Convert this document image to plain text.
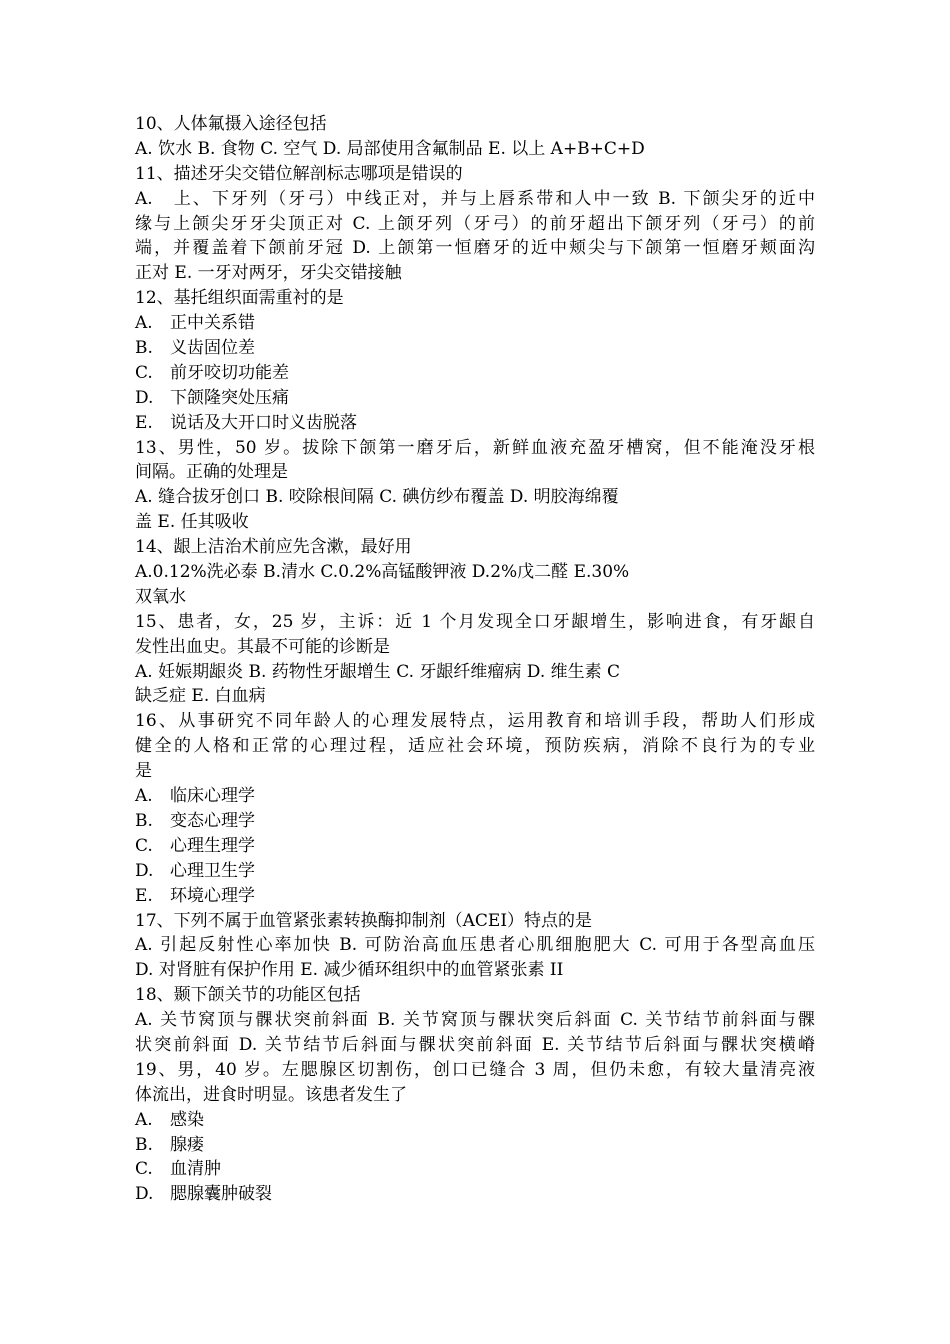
10、人体氟摄入途径包括
A. 饮水 B. 食物 C. 空气 D. 局部使用含氟制品 E. 以上 A+B+C+D
11、描述牙尖交错位解剖标志哪项是错误的
A.　上、下牙列（牙弓）中线正对，并与上唇系带和人中一致 B. 下颌尖牙的近中
缘与上颌尖牙牙尖顶正对 C. 上颌牙列（牙弓）的前牙超出下颌牙列（牙弓）的前
端，并覆盖着下颌前牙冠 D. 上颌第一恒磨牙的近中颊尖与下颌第一恒磨牙颊面沟
正对 E. 一牙对两牙，牙尖交错接触
12、基托组织面需重衬的是
A.	正中关系错
B.	义齿固位差
C.	前牙咬切功能差
D. 下颌隆突处压痛
E.	说话及大开口时义齿脱落
13、男性，50 岁。拔除下颌第一磨牙后，新鲜血液充盈牙槽窝，但不能淹没牙根
间隔。正确的处理是
A. 缝合拔牙创口 B. 咬除根间隔 C. 碘仿纱布覆盖 D. 明胶海绵覆
盖 E. 任其吸收
14、龈上洁治术前应先含漱，最好用
A.0.12%洗必泰 B.清水 C.0.2%高锰酸钾液 D.2%戊二醛 E.30%
双氧水
15、患者，女，25 岁，主诉：近 1 个月发现全口牙龈增生，影响进食，有牙龈自
发性出血史。其最不可能的诊断是
A. 妊娠期龈炎 B. 药物性牙龈增生 C. 牙龈纤维瘤病 D. 维生素 C
缺乏症 E. 白血病
16、从事研究不同年龄人的心理发展特点，运用教育和培训手段，帮助人们形成
健全的人格和正常的心理过程，适应社会环境，预防疾病，消除不良行为的专业
是
A.	临床心理学
B.	变态心理学
C.	心理生理学
D. 心理卫生学
E.	环境心理学
17、下列不属于血管紧张素转换酶抑制剂（ACEI）特点的是
A. 引起反射性心率加快 B. 可防治高血压患者心肌细胞肥大 C. 可用于各型高血压
D. 对肾脏有保护作用 E. 减少循环组织中的血管紧张素 II
18、颞下颌关节的功能区包括
A. 关节窝顶与髁状突前斜面 B. 关节窝顶与髁状突后斜面 C. 关节结节前斜面与髁
状突前斜面 D. 关节结节后斜面与髁状突前斜面 E. 关节结节后斜面与髁状突横嵴
19、男，40 岁。左腮腺区切割伤，创口已缝合 3 周，但仍未愈，有较大量清亮液
体流出，进食时明显。该患者发生了
A.	感染
B.	腺瘘
C.	血清肿
D. 腮腺囊肿破裂
